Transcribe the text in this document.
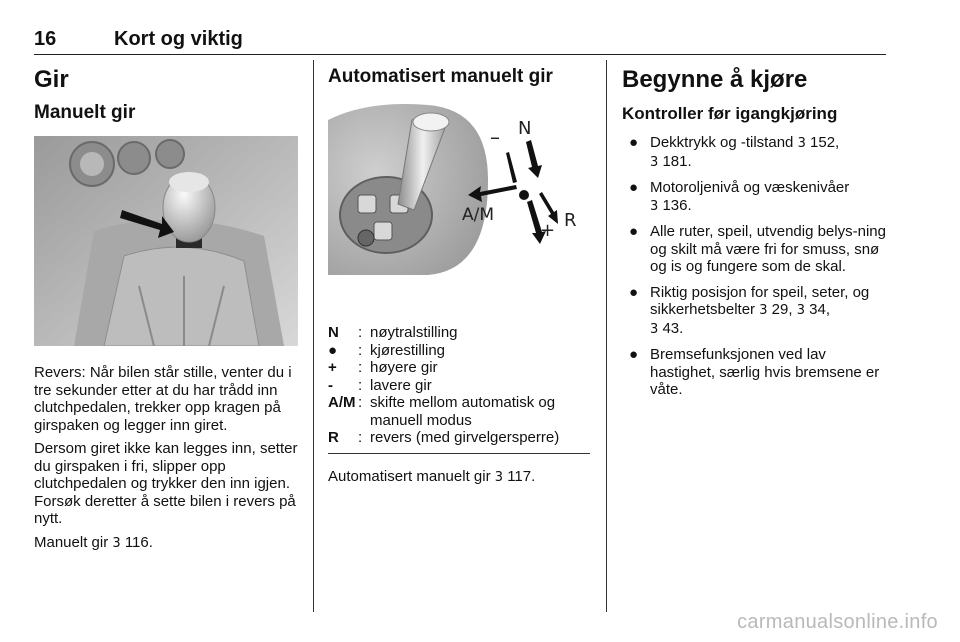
16	Kort og viktig
Gir
Manuelt gir

Revers: Når bilen står stille, venter du i tre sekunder etter at du har trådd inn clutchpedalen, trekker opp kragen på girspaken og legger inn giret.

Dersom giret ikke kan legges inn, setter du girspaken i fri, slipper opp clutchpedalen og trykker den inn igjen. Forsøk deretter å sette bilen i revers på nytt.

Manuelt gir 3 116.

Automatisert manuelt gir
N
–
A/M
+ R
N	:	nøytralstilling
●	:	kjørestilling
+	:	høyere gir
-	:	lavere gir
A/M	:	skifte mellom automatisk og manuell modus
R	:	revers (med girvelgersperre)

Automatisert manuelt gir 3 117.

Begynne å kjøre
Kontroller før igangkjøring
● Dekktrykk og -tilstand 3 152,
3 181.
● Motoroljenivå og væskenivåer
3 136.
● Alle ruter, speil, utvendig belys-ning og skilt må være fri for smuss, snø og is og fungere som de skal.
● Riktig posisjon for speil, seter, og sikkerhetsbelter 3 29, 3 34,
3 43.
● Bremsefunksjonen ved lav hastighet, særlig hvis bremsene er våte.
carmanualsonline.info
